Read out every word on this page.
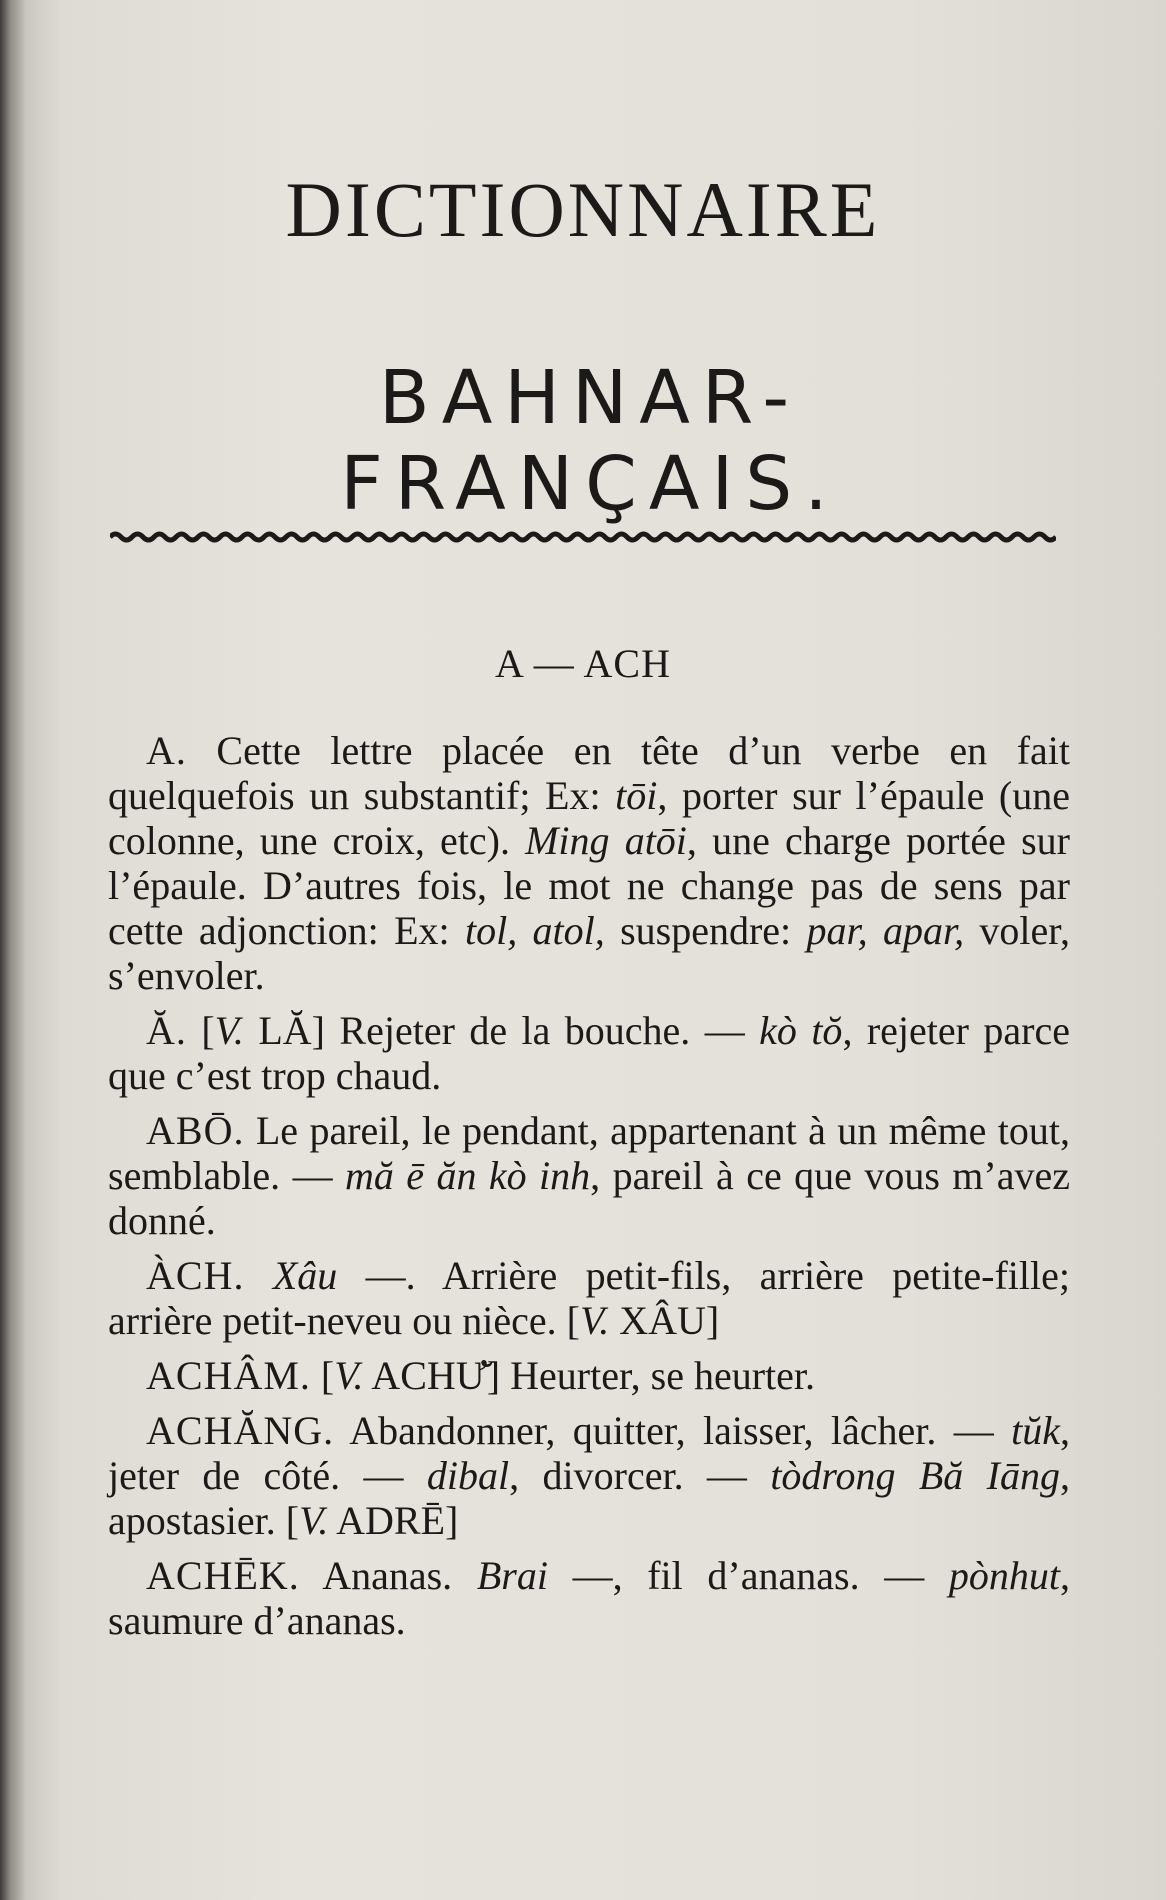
DICTIONNAIRE
BAHNAR-FRANÇAIS.
A — ACH

A. Cette lettre placée en tête d’un verbe en fait quelquefois un substantif; Ex: tōi, porter sur l’épaule (une colonne, une croix, etc). Ming atōi, une charge portée sur l’épaule. D’autres fois, le mot ne change pas de sens par cette adjonction: Ex: tol, atol, suspendre: par, apar, voler, s’envoler.

Ă. [V. LĂ] Rejeter de la bouche. — kò tŏ, rejeter parce que c’est trop chaud.

ABŌ. Le pareil, le pendant, appartenant à un même tout, semblable. — mă ē ăn kò inh, pareil à ce que vous m’avez donné.

ÀCH. Xâu —. Arrière petit-fils, arrière petite-fille; arrière petit-neveu ou nièce. [V. XÂU]

ACHÂM. [V. ACHƯ̆] Heurter, se heurter.

ACHĂNG. Abandonner, quitter, laisser, lâcher. — tŭk, jeter de côté. — dibal, divorcer. — tòdrong Bă Iāng, apostasier. [V. ADRĒ]

ACHĒK. Ananas. Brai —, fil d’ananas. — pònhut, saumure d’ananas.
